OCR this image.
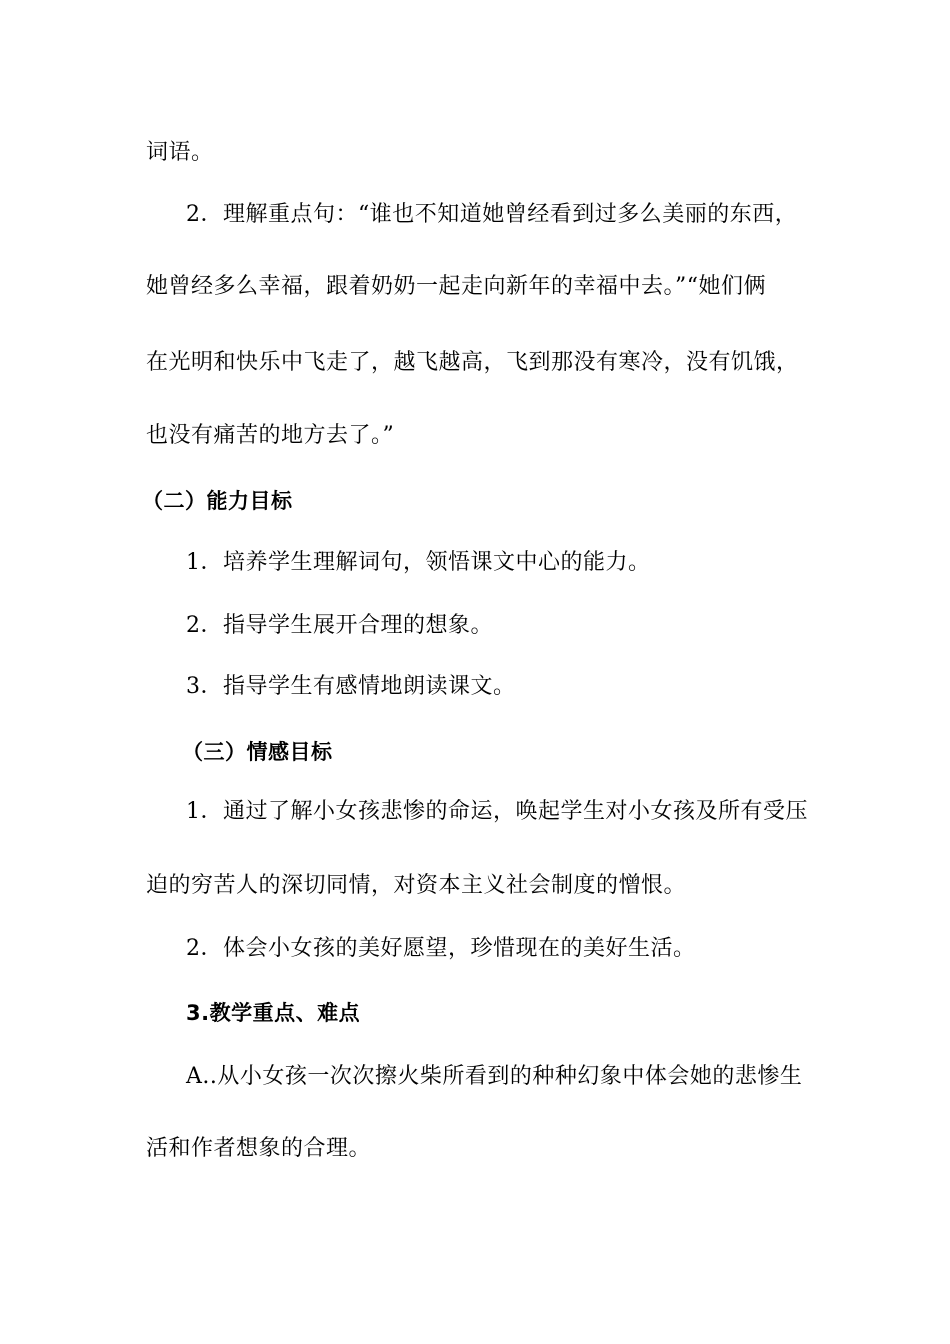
词语。
2．理解重点句：“谁也不知道她曾经看到过多么美丽的东西，
她曾经多么幸福，跟着奶奶一起走向新年的幸福中去。”“她们俩
在光明和快乐中飞走了，越飞越高，飞到那没有寒冷，没有饥饿，
也没有痛苦的地方去了。”
（二）能力目标
1．培养学生理解词句，领悟课文中心的能力。
2．指导学生展开合理的想象。
3．指导学生有感情地朗读课文。
（三）情感目标
1．通过了解小女孩悲惨的命运，唤起学生对小女孩及所有受压
迫的穷苦人的深切同情，对资本主义社会制度的憎恨。
2．体会小女孩的美好愿望，珍惜现在的美好生活。
3.教学重点、难点
A..从小女孩一次次擦火柴所看到的种种幻象中体会她的悲惨生
活和作者想象的合理。
